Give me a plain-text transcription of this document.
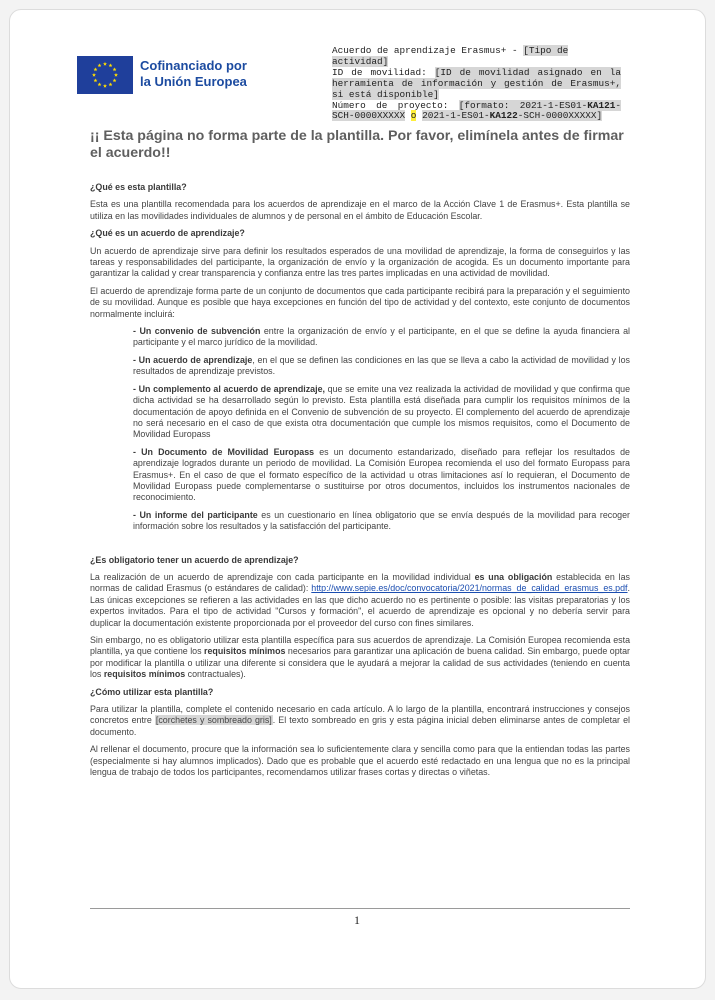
Cofinanciado por
la Unión Europea
Acuerdo de aprendizaje Erasmus+ - [Tipo de actividad]
ID de movilidad: [ID de movilidad asignado en la herramienta de información y gestión de Erasmus+, si está disponible]
Número de proyecto: [formato: 2021-1-ES01-KA121-SCH-0000XXXXX o 2021-1-ES01-KA122-SCH-0000XXXXX]
¡¡ Esta página no forma parte de la plantilla. Por favor, elimínela antes de firmar el acuerdo!!

¿Qué es esta plantilla?

Esta es una plantilla recomendada para los acuerdos de aprendizaje en el marco de la Acción Clave 1 de Erasmus+. Esta plantilla se utiliza en las movilidades individuales de alumnos y de personal en el ámbito de Educación Escolar.

¿Qué es un acuerdo de aprendizaje?

Un acuerdo de aprendizaje sirve para definir los resultados esperados de una movilidad de aprendizaje, la forma de conseguirlos y las tareas y responsabilidades del participante, la organización de envío y la organización de acogida. Es un documento importante para garantizar la calidad y crear transparencia y confianza entre las tres partes implicadas en una actividad de movilidad.

El acuerdo de aprendizaje forma parte de un conjunto de documentos que cada participante recibirá para la preparación y el seguimiento de su movilidad. Aunque es posible que haya excepciones en función del tipo de actividad y del contexto, este conjunto de documentos normalmente incluirá:

- Un convenio de subvención entre la organización de envío y el participante, en el que se define la ayuda financiera al participante y el marco jurídico de la movilidad.

- Un acuerdo de aprendizaje, en el que se definen las condiciones en las que se lleva a cabo la actividad de movilidad y los resultados de aprendizaje previstos.

- Un complemento al acuerdo de aprendizaje, que se emite una vez realizada la actividad de movilidad y que confirma que dicha actividad se ha desarrollado según lo previsto. Esta plantilla está diseñada para cumplir los requisitos mínimos de la documentación de apoyo definida en el Convenio de subvención de su proyecto. El complemento del acuerdo de aprendizaje no será necesario en el caso de que exista otra documentación que cumple los mismos requisitos, como el Documento de Movilidad Europass

- Un Documento de Movilidad Europass es un documento estandarizado, diseñado para reflejar los resultados de aprendizaje logrados durante un periodo de movilidad. La Comisión Europea recomienda el uso del formato Europass para Erasmus+. En el caso de que el formato específico de la actividad u otras limitaciones así lo requieran, el Documento de Movilidad Europass puede complementarse o sustituirse por otros documentos, incluidos los instrumentos nacionales de reconocimiento.

- Un informe del participante es un cuestionario en línea obligatorio que se envía después de la movilidad para recoger información sobre los resultados y la satisfacción del participante.

¿Es obligatorio tener un acuerdo de aprendizaje?

La realización de un acuerdo de aprendizaje con cada participante en la movilidad individual es una obligación establecida en las normas de calidad Erasmus (o estándares de calidad): http://www.sepie.es/doc/convocatoria/2021/normas_de_calidad_erasmus_es.pdf. Las únicas excepciones se refieren a las actividades en las que dicho acuerdo no es pertinente o posible: las visitas preparatorias y los expertos invitados. Para el tipo de actividad "Cursos y formación", el acuerdo de aprendizaje es opcional y no debería servir para duplicar la documentación existente proporcionada por el proveedor del curso con fines similares.

Sin embargo, no es obligatorio utilizar esta plantilla específica para sus acuerdos de aprendizaje. La Comisión Europea recomienda esta plantilla, ya que contiene los requisitos mínimos necesarios para garantizar una aplicación de buena calidad. Sin embargo, puede optar por modificar la plantilla o utilizar una diferente si considera que le ayudará a mejorar la calidad de sus actividades (teniendo en cuenta los requisitos mínimos contractuales).

¿Cómo utilizar esta plantilla?

Para utilizar la plantilla, complete el contenido necesario en cada artículo. A lo largo de la plantilla, encontrará instrucciones y consejos concretos entre [corchetes y sombreado gris]. El texto sombreado en gris y esta página inicial deben eliminarse antes de completar el documento.

Al rellenar el documento, procure que la información sea lo suficientemente clara y sencilla como para que la entiendan todas las partes (especialmente si hay alumnos implicados). Dado que es probable que el acuerdo esté redactado en una lengua que no es la principal lengua de trabajo de todos los participantes, recomendamos utilizar frases cortas y directas o viñetas.

1
